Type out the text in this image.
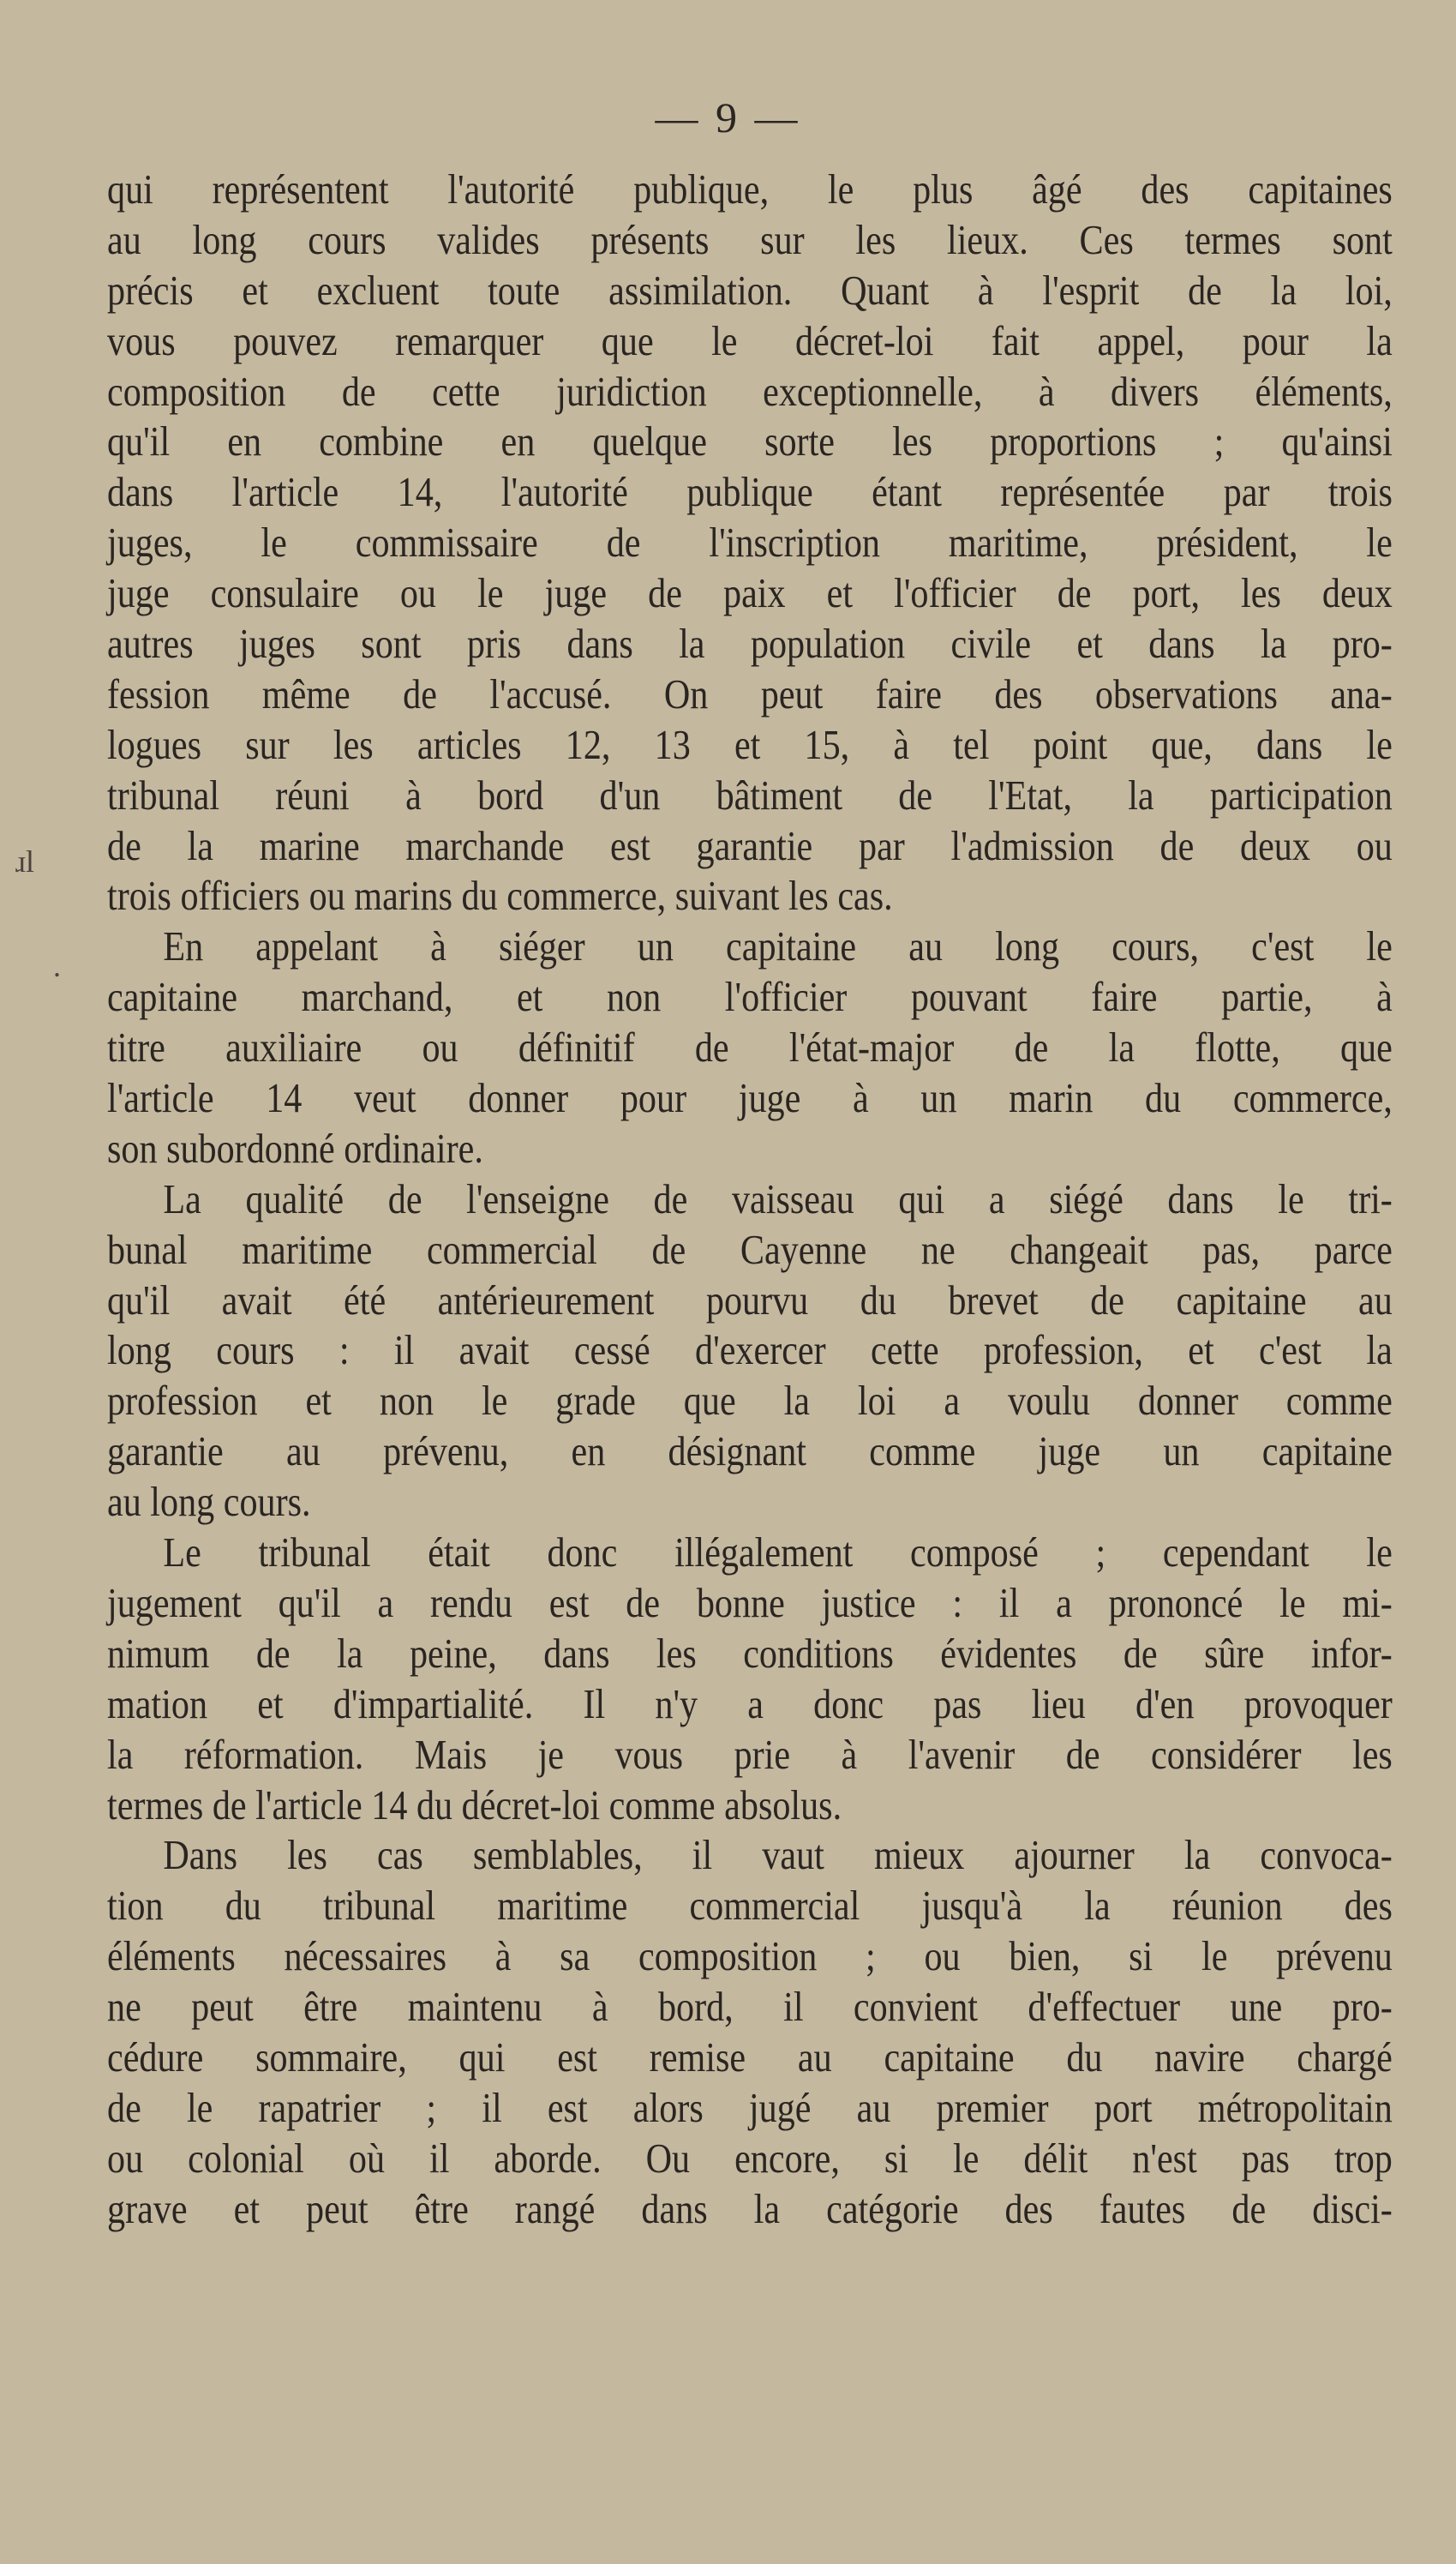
— 9 —
ɹl
.
qui représentent l'autorité publique, le plus âgé des capitaines
au long cours valides présents sur les lieux. Ces termes sont
précis et excluent toute assimilation. Quant à l'esprit de la loi,
vous pouvez remarquer que le décret-loi fait appel, pour la
composition de cette juridiction exceptionnelle, à divers éléments,
qu'il en combine en quelque sorte les proportions ; qu'ainsi
dans l'article 14, l'autorité publique étant représentée par trois
juges, le commissaire de l'inscription maritime, président, le
juge consulaire ou le juge de paix et l'officier de port, les deux
autres juges sont pris dans la population civile et dans la pro-
fession même de l'accusé. On peut faire des observations ana-
logues sur les articles 12, 13 et 15, à tel point que, dans le
tribunal réuni à bord d'un bâtiment de l'Etat, la participation
de la marine marchande est garantie par l'admission de deux ou
trois officiers ou marins du commerce, suivant les cas.
En appelant à siéger un capitaine au long cours, c'est le
capitaine marchand, et non l'officier pouvant faire partie, à
titre auxiliaire ou définitif de l'état-major de la flotte, que
l'article 14 veut donner pour juge à un marin du commerce,
son subordonné ordinaire.
La qualité de l'enseigne de vaisseau qui a siégé dans le tri-
bunal maritime commercial de Cayenne ne changeait pas, parce
qu'il avait été antérieurement pourvu du brevet de capitaine au
long cours : il avait cessé d'exercer cette profession, et c'est la
profession et non le grade que la loi a voulu donner comme
garantie au prévenu, en désignant comme juge un capitaine
au long cours.
Le tribunal était donc illégalement composé ; cependant le
jugement qu'il a rendu est de bonne justice : il a prononcé le mi-
nimum de la peine, dans les conditions évidentes de sûre infor-
mation et d'impartialité. Il n'y a donc pas lieu d'en provoquer
la réformation. Mais je vous prie à l'avenir de considérer les
termes de l'article 14 du décret-loi comme absolus.
Dans les cas semblables, il vaut mieux ajourner la convoca-
tion du tribunal maritime commercial jusqu'à la réunion des
éléments nécessaires à sa composition ; ou bien, si le prévenu
ne peut être maintenu à bord, il convient d'effectuer une pro-
cédure sommaire, qui est remise au capitaine du navire chargé
de le rapatrier ; il est alors jugé au premier port métropolitain
ou colonial où il aborde. Ou encore, si le délit n'est pas trop
grave et peut être rangé dans la catégorie des fautes de disci-
